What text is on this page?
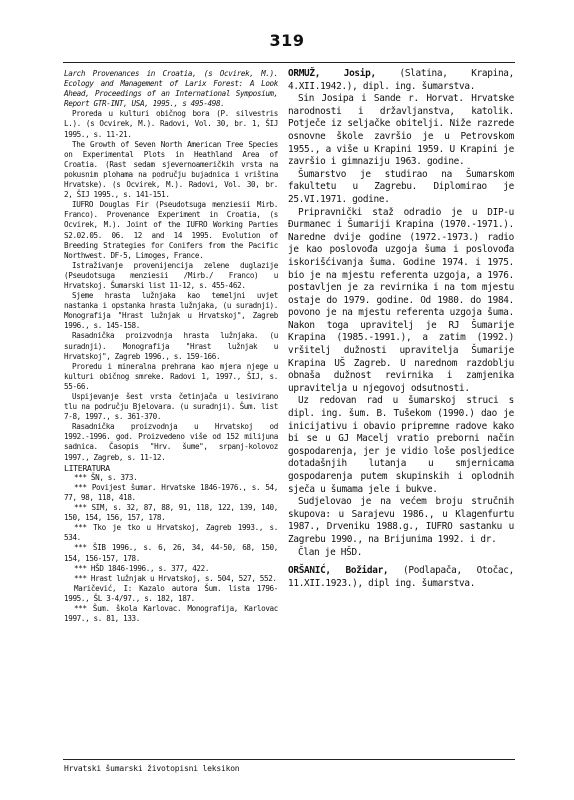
319

Larch Provenances in Croatia, (s Ocvirek, M.). Ecology and Management of Larix Forest: A Look Ahead, Proceedings of an International Symposium, Report GTR-INT, USA, 1995., s 495-498.

Proreda u kulturi običnog bora (P. silvestris L.). (s Ocvirek, M.). Radovi, Vol. 30, br. 1, ŠIJ 1995., s. 11-21.

The Growth of Seven North American Tree Species on Experimental Plots in Heathland Area of Croatia. (Rast sedam sjevernoameričkih vrsta na pokusnim plohama na području bujadnica i vriština Hrvatske). (s Ocvirek, M.). Radovi, Vol. 30, br. 2, ŠIJ 1995., s. 141-151.

IUFRO Douglas Fir (Pseudotsuga menziesii Mirb. Franco). Provenance Experiment in Croatia, (s Ocvirek, M.). Joint of the IUFRO Working Parties S2.02.05. 06. 12 and 14 1995. Evolution of Breeding Strategies for Conifers from the Pacific Northwest. DF-5, Limoges, France.

Istraživanje provenijencija zelene duglazije (Pseudotsuga menziesii /Mirb./ Franco) u Hrvatskoj. Šumarski list 11-12, s. 455-462.

Sjeme hrasta lužnjaka kao temeljni uvjet nastanka i opstanka hrasta lužnjaka, (u suradnji). Monografija "Hrast lužnjak u Hrvatskoj", Zagreb 1996., s. 145-158.

Rasadnička proizvodnja hrasta lužnjaka. (u suradnji). Monografija "Hrast lužnjak u Hrvatskoj", Zagreb 1996., s. 159-166.

Proredu i mineralna prehrana kao mjera njege u kulturi običnog smreke. Radovi 1, 1997., ŠIJ, s. 55-66.

Uspijevanje šest vrsta četinjača u lesivirano tlu na području Bjelovara. (u suradnji). Šum. list 7-8, 1997., s. 361-370.

Rasadnička proizvodnja u Hrvatskoj od 1992.-1996. god. Proizvedeno više od 152 milijuna sadnica. Časopis "Hrv. šume", srpanj-kolovoz 1997., Zagreb, s. 11-12.

LITERATURA

*** ŠN, s. 373.

*** Povijest šumar. Hrvatske 1846-1976., s. 54, 77, 98, 118, 418.

*** SIM, s. 32, 87, 88, 91, 118, 122, 139, 140, 150, 154, 156, 157, 178.

*** Tko je tko u Hrvatskoj, Zagreb 1993., s. 534.

*** ŠIB 1996., s. 6, 26, 34, 44-50, 68, 150, 154, 156-157, 178.

*** HŠD 1846-1996., s. 377, 422.

*** Hrast lužnjak u Hrvatskoj, s. 504, 527, 552.

Maričević, I: Kazalo autora Šum. lista 1796-1995., ŠL 3-4/97., s. 182, 187.

*** Šum. škola Karlovac. Monografija, Karlovac 1997., s. 81, 133.

ORMUŽ, Josip, (Slatina, Krapina, 4.XII.1942.), dipl. ing. šumarstva.

Sin Josipa i Sande r. Horvat. Hrvatske narodnosti i državljanstva, katolik. Potječe iz seljačke obitelji. Niže razrede osnovne škole završio je u Petrovskom 1955., a više u Krapini 1959. U Krapini je završio i gimnaziju 1963. godine.

Šumarstvo je studirao na Šumarskom fakultetu u Zagrebu. Diplomirao je 25.VI.1971. godine.

Pripravnički staž odradio je u DIP-u Đurmanec i Šumariji Krapina (1970.-1971.). Narednе dvije godine (1972.-1973.) radio je kao poslovođa uzgoja šuma i poslovođa iskorišćivanja šuma. Godine 1974. i 1975. bio je na mjestu referenta uzgoja, a 1976. postavljen je za revirnika i na tom mjestu ostaje do 1979. godine. Od 1980. do 1984. povono je na mjestu referenta uzgoja šuma. Nakon toga upravitelj je RJ Šumarije Krapina (1985.-1991.), a zatim (1992.) vršitelj dužnosti upravitelja Šumarije Krapina UŠ Zagreb. U narednom razdoblju obnaša dužnost revirnika i zamjenika upravitelja u njegovoj odsutnosti.

Uz redovan rad u šumarskoj struci s dipl. ing. šum. B. Tušekom (1990.) dao je inicijativu i obavio pripremne radove kako bi se u GJ Macelj vratio preborni način gospodarenja, jer je vidio loše posljedice dotadašnjih lutanja u smjernicama gospodarenja putem skupinskih i oplodnih sječa u šumama jele i bukve.

Sudjelovao je na većem broju stručnih skupova: u Sarajevu 1986., u Klagenfurtu 1987., Drveniku 1988.g., IUFRO sastanku u Zagrebu 1990., na Brijunima 1992. i dr.

Član je HŠD.

ORŠANIĆ, Božidar, (Podlapača, Otočac, 11.XII.1923.), dipl ing. šumarstva.

Hrvatski šumarski životopisni leksikon
